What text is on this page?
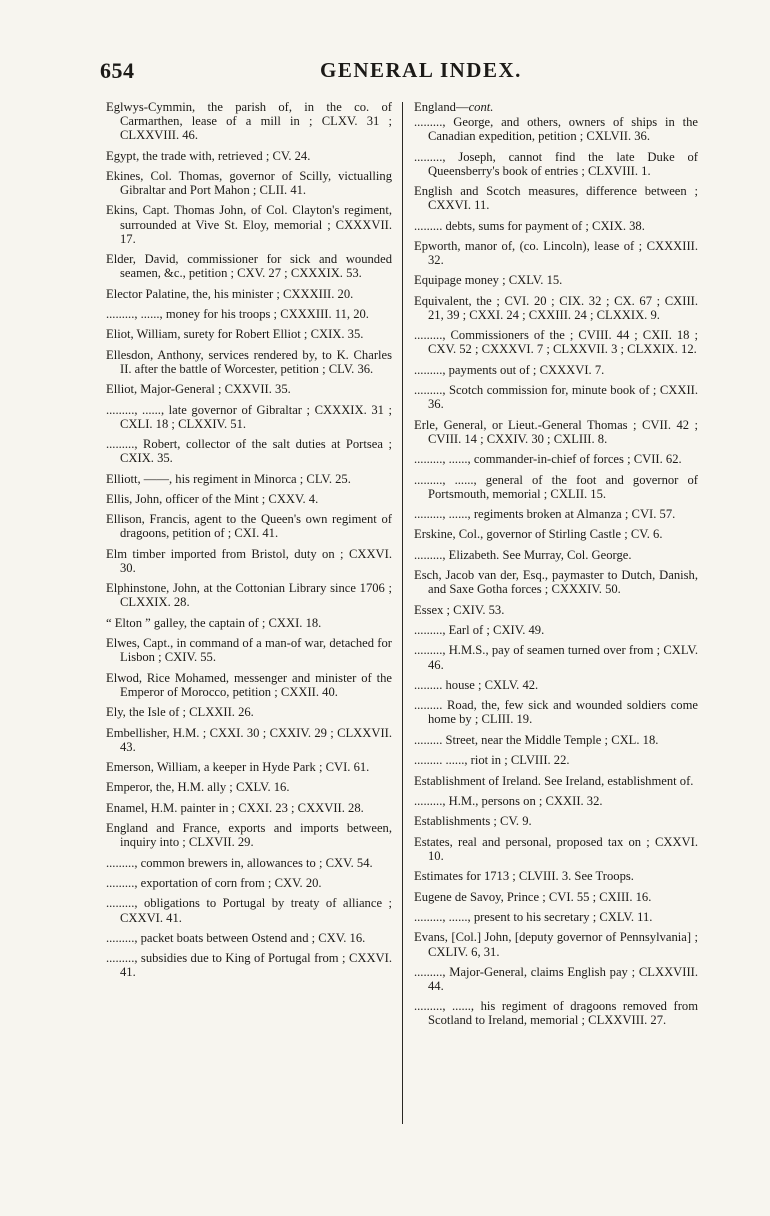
654	GENERAL INDEX.

Eglwys-Cymmin, the parish of, in the co. of Carmarthen, lease of a mill in ; CLXV. 31 ; CLXXVIII. 46.

Egypt, the trade with, retrieved ; CV. 24.

Ekines, Col. Thomas, governor of Scilly, victualling Gibraltar and Port Mahon ; CLII. 41.

Ekins, Capt. Thomas John, of Col. Clayton's regiment, surrounded at Vive St. Eloy, memorial ; CXXXVII. 17.

Elder, David, commissioner for sick and wounded seamen, &c., petition ; CXV. 27 ; CXXXIX. 53.

Elector Palatine, the, his minister ; CXXXIII. 20.

........., ......, money for his troops ; CXXXIII. 11, 20.

Eliot, William, surety for Robert Elliot ; CXIX. 35.

Ellesdon, Anthony, services rendered by, to K. Charles II. after the battle of Worcester, petition ; CLV. 36.

Elliot, Major-General ; CXXVII. 35.

........., ......, late governor of Gibraltar ; CXXXIX. 31 ; CXLI. 18 ; CLXXIV. 51.

........., Robert, collector of the salt duties at Portsea ; CXIX. 35.

Elliott, ——, his regiment in Minorca ; CLV. 25.

Ellis, John, officer of the Mint ; CXXV. 4.

Ellison, Francis, agent to the Queen's own regiment of dragoons, petition of ; CXI. 41.

Elm timber imported from Bristol, duty on ; CXXVI. 30.

Elphinstone, John, at the Cottonian Library since 1706 ; CLXXIX. 28.

“ Elton ” galley, the captain of ; CXXI. 18.

Elwes, Capt., in command of a man-of war, detached for Lisbon ; CXIV. 55.

Elwod, Rice Mohamed, messenger and minister of the Emperor of Morocco, petition ; CXXII. 40.

Ely, the Isle of ; CLXXII. 26.

Embellisher, H.M. ; CXXI. 30 ; CXXIV. 29 ; CLXXVII. 43.

Emerson, William, a keeper in Hyde Park ; CVI. 61.

Emperor, the, H.M. ally ; CXLV. 16.

Enamel, H.M. painter in ; CXXI. 23 ; CXXVII. 28.

England and France, exports and imports between, inquiry into ; CLXVII. 29.

........., common brewers in, allowances to ; CXV. 54.

........., exportation of corn from ; CXV. 20.

........., obligations to Portugal by treaty of alliance ; CXXVI. 41.

........., packet boats between Ostend and ; CXV. 16.

........., subsidies due to King of Portugal from ; CXXVI. 41.

England—cont.

........., George, and others, owners of ships in the Canadian expedition, petition ; CXLVII. 36.

........., Joseph, cannot find the late Duke of Queensberry's book of entries ; CLXVIII. 1.

English and Scotch measures, difference between ; CXXVI. 11.

......... debts, sums for payment of ; CXIX. 38.

Epworth, manor of, (co. Lincoln), lease of ; CXXXIII. 32.

Equipage money ; CXLV. 15.

Equivalent, the ; CVI. 20 ; CIX. 32 ; CX. 67 ; CXIII. 21, 39 ; CXXI. 24 ; CXXIII. 24 ; CLXXIX. 9.

........., Commissioners of the ; CVIII. 44 ; CXII. 18 ; CXV. 52 ; CXXXVI. 7 ; CLXXVII. 3 ; CLXXIX. 12.

........., payments out of ; CXXXVI. 7.

........., Scotch commission for, minute book of ; CXXII. 36.

Erle, General, or Lieut.-General Thomas ; CVII. 42 ; CVIII. 14 ; CXXIV. 30 ; CXLIII. 8.

........., ......, commander-in-chief of forces ; CVII. 62.

........., ......, general of the foot and governor of Portsmouth, memorial ; CXLII. 15.

........., ......, regiments broken at Almanza ; CVI. 57.

Erskine, Col., governor of Stirling Castle ; CV. 6.

........., Elizabeth. See Murray, Col. George.

Esch, Jacob van der, Esq., paymaster to Dutch, Danish, and Saxe Gotha forces ; CXXXIV. 50.

Essex ; CXIV. 53.

........., Earl of ; CXIV. 49.

........., H.M.S., pay of seamen turned over from ; CXLV. 46.

......... house ; CXLV. 42.

......... Road, the, few sick and wounded soldiers come home by ; CLIII. 19.

......... Street, near the Middle Temple ; CXL. 18.

......... ......, riot in ; CLVIII. 22.

Establishment of Ireland. See Ireland, establishment of.

........., H.M., persons on ; CXXII. 32.

Establishments ; CV. 9.

Estates, real and personal, proposed tax on ; CXXVI. 10.

Estimates for 1713 ; CLVIII. 3. See Troops.

Eugene de Savoy, Prince ; CVI. 55 ; CXIII. 16.

........., ......, present to his secretary ; CXLV. 11.

Evans, [Col.] John, [deputy governor of Pennsylvania] ; CXLIV. 6, 31.

........., Major-General, claims English pay ; CLXXVIII. 44.

........., ......, his regiment of dragoons removed from Scotland to Ireland, memorial ; CLXXVIII. 27.
